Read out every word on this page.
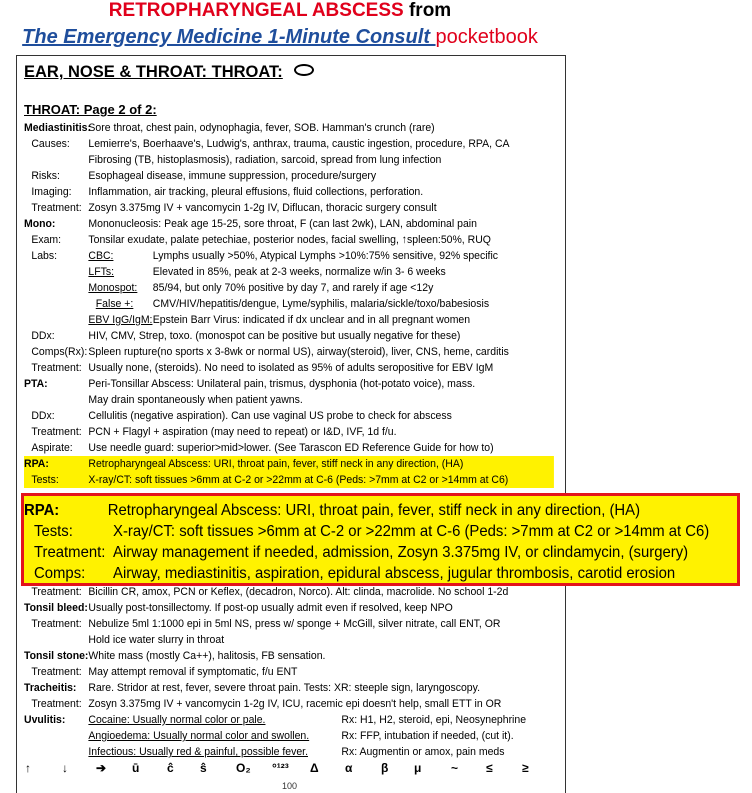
RETROPHARYNGEAL ABSCESS from
The Emergency Medicine 1-Minute Consult pocketbook
EAR, NOSE & THROAT: THROAT:
THROAT: Page 2 of 2:
Mediastinitis:
Sore throat, chest pain, odynophagia, fever, SOB. Hamman's crunch (rare)
Causes: Lemierre's, Boerhaave's, Ludwig's, anthrax, trauma, caustic ingestion, procedure, RPA, CA
Fibrosing (TB, histoplasmosis), radiation, sarcoid, spread from lung infection
Risks:	Esophageal disease, immune suppression, procedure/surgery
Imaging: Inflammation, air tracking, pleural effusions, fluid collections, perforation.
Treatment: Zosyn 3.375mg IV + vancomycin 1-2g IV, Diflucan, thoracic surgery consult
Mono:	Mononucleosis: Peak age 15-25, sore throat, F (can last 2wk), LAN, abdominal pain
Exam: Tonsilar exudate, palate petechiae, posterior nodes, facial swelling, ↑spleen:50%, RUQ
Labs:	CBC:	Lymphs usually >50%, Atypical Lymphs >10%:75% sensitive, 92% specific
LFTs:	Elevated in 85%, peak at 2-3 weeks, normalize w/in 3- 6 weeks
Monospot: 85/94, but only 70% positive by day 7, and rarely if age <12y
False +: CMV/HIV/hepatitis/dengue, Lyme/syphilis, malaria/sickle/toxo/babesiosis
EBV IgG/IgM: Epstein Barr Virus: indicated if dx unclear and in all pregnant women
DDx:	HIV, CMV, Strep, toxo. (monospot can be positive but usually negative for these)
Comps(Rx): Spleen rupture(no sports x 3-8wk or normal US), airway(steroid), liver, CNS, heme, carditis
Treatment: Usually none, (steroids). No need to isolated as 95% of adults seropositive for EBV IgM
PTA:	Peri-Tonsillar Abscess: Unilateral pain, trismus, dysphonia (hot-potato voice), mass.
May drain spontaneously when patient yawns.
DDx:	Cellulitis (negative aspiration). Can use vaginal US probe to check for abscess
Treatment: PCN + Flagyl + aspiration (may need to repeat) or I&D, IVF, 1d f/u.
Aspirate: Use needle guard: superior>mid>lower. (See Tarascon ED Reference Guide for how to)
RPA:	Retropharyngeal Abscess: URI, throat pain, fever, stiff neck in any direction, (HA)
Tests:	X-ray/CT: soft tissues >6mm at C-2 or >22mm at C-6 (Peds: >7mm at C2 or >14mm at C6)
Treatment: Bicillin CR, amox, PCN or Keflex, (decadron, Norco). Alt: clinda, macrolide. No school 1-2d
Tonsil bleed: Usually post-tonsillectomy. If post-op usually admit even if resolved, keep NPO
Treatment: Nebulize 5ml 1:1000 epi in 5ml NS, press w/ sponge + McGill, silver nitrate, call ENT, OR
Hold ice water slurry in throat
Tonsil stone: White mass (mostly Ca++), halitosis, FB sensation.
Treatment: May attempt removal if symptomatic, f/u ENT
Tracheitis: Rare. Stridor at rest, fever, severe throat pain. Tests: XR: steeple sign, laryngoscopy.
Treatment: Zosyn 3.375mg IV + vancomycin 1-2g IV, ICU, racemic epi doesn't help, small ETT in OR
Uvulitis: Cocaine: Usually normal color or pale.	Rx: H1, H2, steroid, epi, Neosynephrine
Angioedema: Usually normal color and swollen.	Rx: FFP, intubation if needed, (cut it).
Infectious: Usually red & painful, possible fever.	Rx: Augmentin or amox, pain meds
↑	↓ ➔ ū ĉ ŝ O₂ °¹²³ Δ α β μ ~ ≤ ≥
100
RPA:	Retropharyngeal Abscess: URI, throat pain, fever, stiff neck in any direction, (HA)
Tests:	X-ray/CT: soft tissues >6mm at C-2 or >22mm at C-6 (Peds: >7mm at C2 or >14mm at C6)
Treatment: Airway management if needed, admission, Zosyn 3.375mg IV, or clindamycin, (surgery)
Comps: Airway, mediastinitis, aspiration, epidural abscess, jugular thrombosis, carotid erosion
